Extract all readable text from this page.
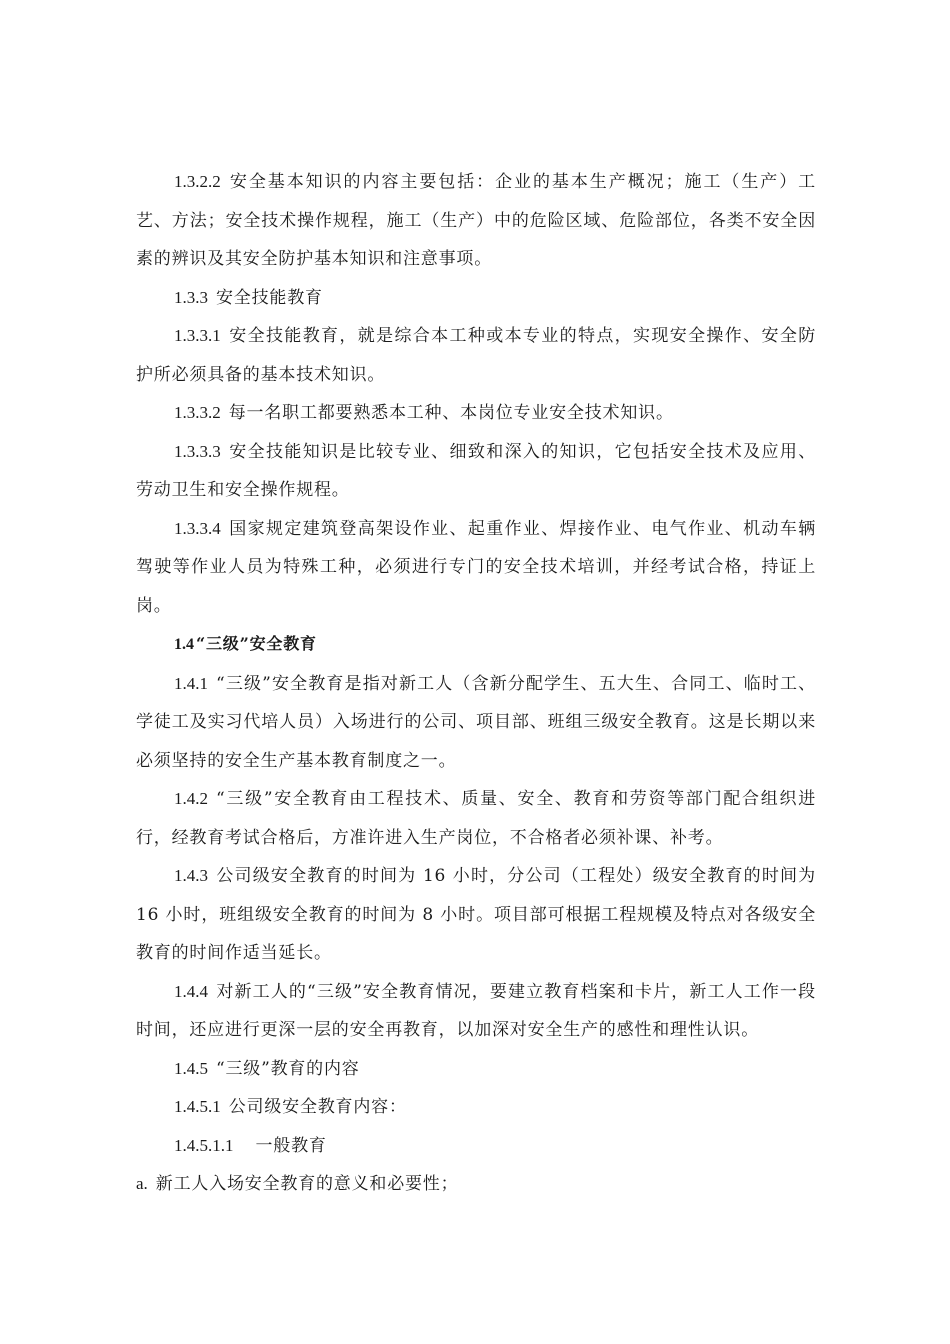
1.3.2.2 安全基本知识的内容主要包括：企业的基本生产概况；施工（生产）工艺、方法；安全技术操作规程，施工（生产）中的危险区域、危险部位，各类不安全因素的辨识及其安全防护基本知识和注意事项。

1.3.3 安全技能教育

1.3.3.1 安全技能教育，就是综合本工种或本专业的特点，实现安全操作、安全防护所必须具备的基本技术知识。

1.3.3.2 每一名职工都要熟悉本工种、本岗位专业安全技术知识。

1.3.3.3 安全技能知识是比较专业、细致和深入的知识，它包括安全技术及应用、劳动卫生和安全操作规程。

1.3.3.4 国家规定建筑登高架设作业、起重作业、焊接作业、电气作业、机动车辆驾驶等作业人员为特殊工种，必须进行专门的安全技术培训，并经考试合格，持证上岗。

1.4 “三级”安全教育

1.4.1 “三级”安全教育是指对新工人（含新分配学生、五大生、合同工、临时工、学徒工及实习代培人员）入场进行的公司、项目部、班组三级安全教育。这是长期以来必须坚持的安全生产基本教育制度之一。

1.4.2 “三级”安全教育由工程技术、质量、安全、教育和劳资等部门配合组织进行，经教育考试合格后，方准许进入生产岗位，不合格者必须补课、补考。

1.4.3 公司级安全教育的时间为 16 小时，分公司（工程处）级安全教育的时间为 16 小时，班组级安全教育的时间为 8 小时。项目部可根据工程规模及特点对各级安全教育的时间作适当延长。

1.4.4 对新工人的“三级”安全教育情况，要建立教育档案和卡片，新工人工作一段时间，还应进行更深一层的安全再教育，以加深对安全生产的感性和理性认识。

1.4.5 “三级”教育的内容

1.4.5.1 公司级安全教育内容：

1.4.5.1.1 一般教育

a. 新工人入场安全教育的意义和必要性；
